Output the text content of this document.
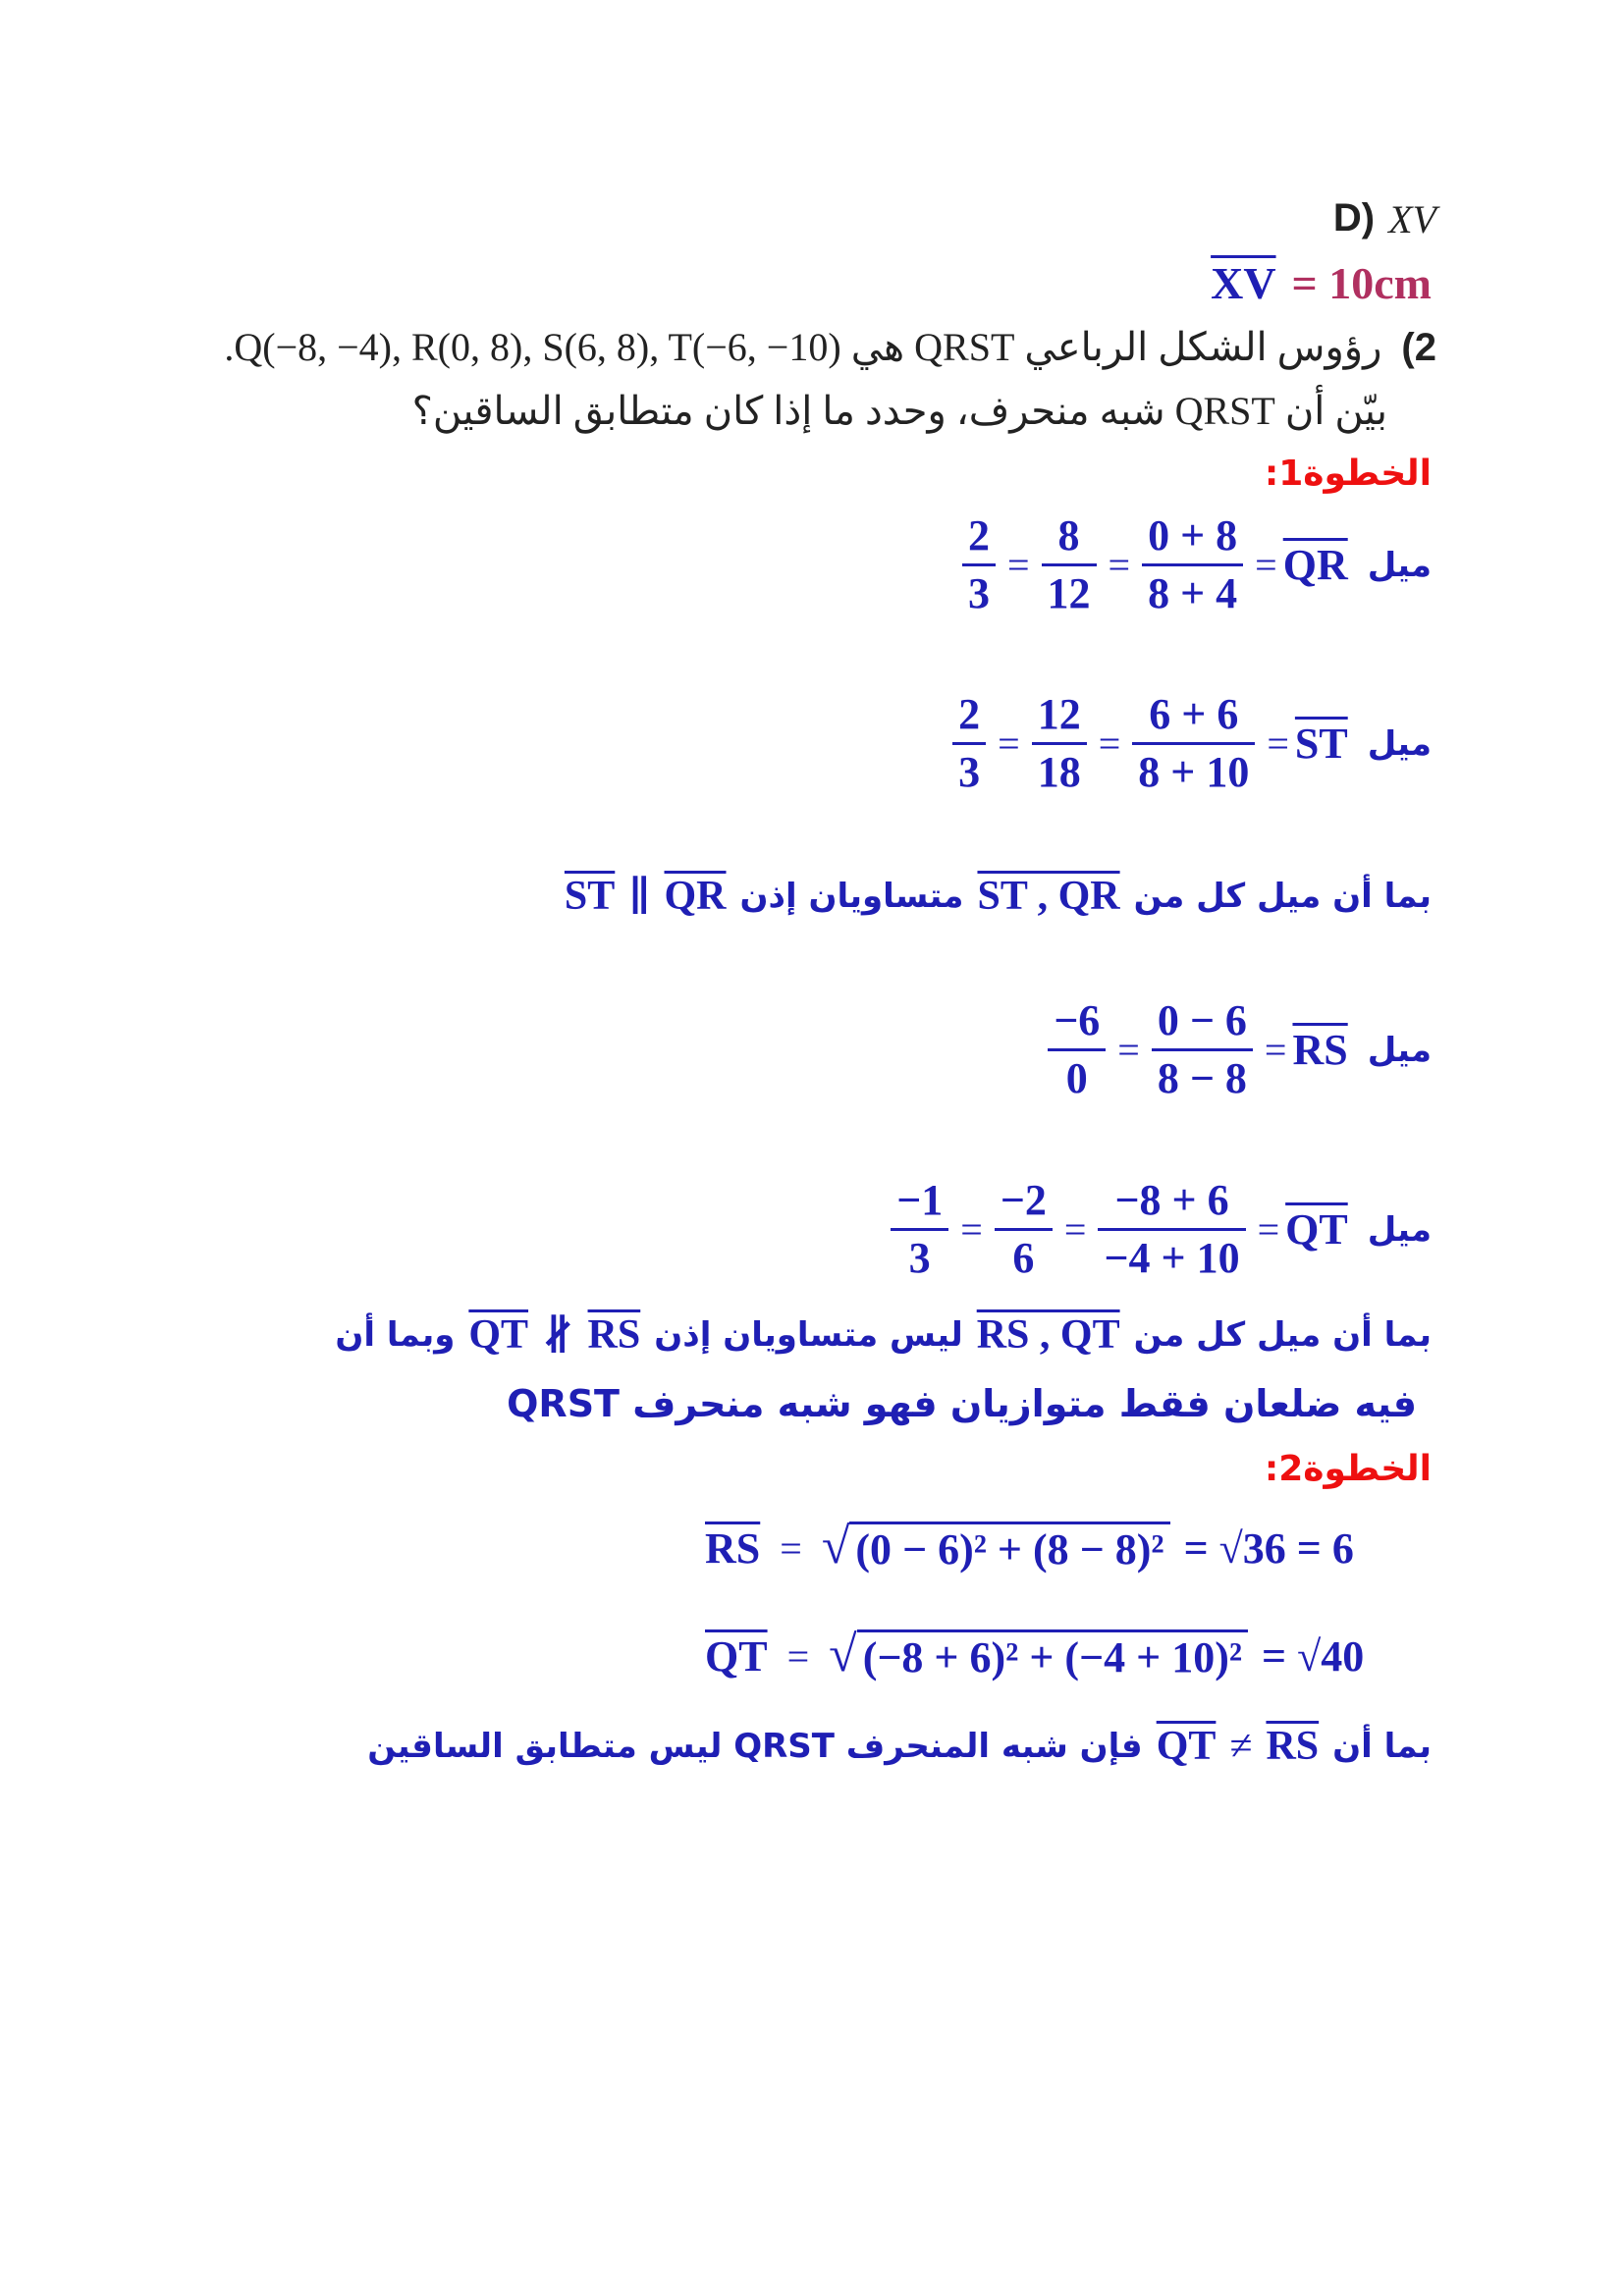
D) XV
$\overline{XV} = 10cm$
2) رؤوس الشكل الرباعي QRST هي Q(−8, −4), R(0, 8), S(6, 8), T(−6, −10).
بيّن أن QRST شبه منحرف، وحدد ما إذا كان متطابق الساقين؟
الخطوة1:
ميل
$\overline{QR}$
=
$\frac{0 + 8}{8 + 4}$
=
$\frac{8}{12}$
=
$\frac{2}{3}$
ميل
$\overline{ST}$
=
$\frac{6 + 6}{8 + 10}$
=
$\frac{12}{18}$
=
$\frac{2}{3}$
بما أن ميل كل من
ST , QR
متساويان إذن
$\overline{QR}$
∥
$\overline{ST}$
ميل
$\overline{RS}$
=
$\frac{0 - 6}{8 - 8}$
=
$\frac{-6}{0}$
ميل
$\overline{QT}$
=
$\frac{-8 + 6}{-4 + 10}$
=
$\frac{-2}{6}$
=
$\frac{-1}{3}$
بما أن ميل كل من
RS , QT
ليس متساويان إذن
$\overline{RS}$
∦
$\overline{QT}$
وبما أن
QRST فيه ضلعان فقط متوازيان فهو شبه منحرف
الخطوة2:
$\overline{RS}$ = √ (0 − 6)² + (8 − 8)² = √36 = 6
$\overline{QT}$ = √ (−8 + 6)² + (−4 + 10)² = √40
بما أن
$\overline{RS}$
≠
$\overline{QT}$
فإن شبه المنحرف QRST ليس متطابق الساقين
